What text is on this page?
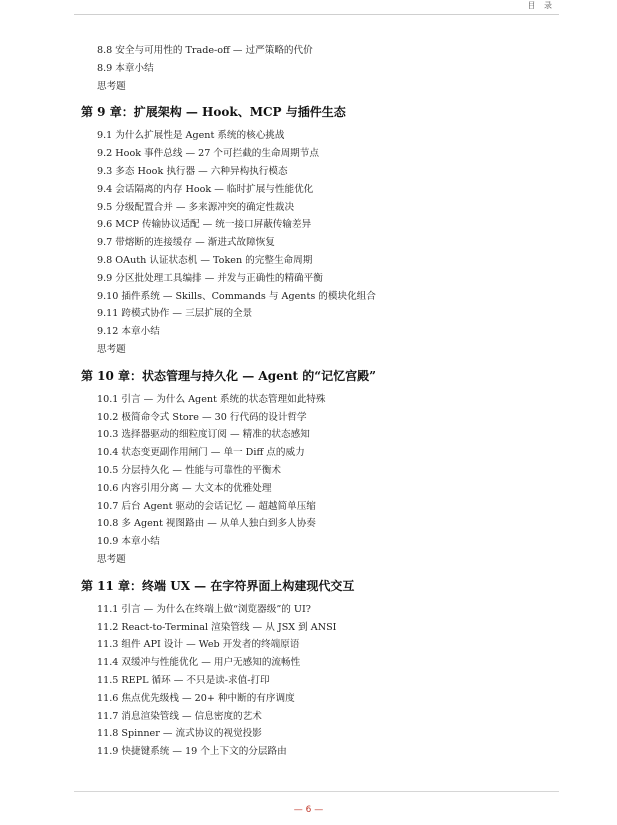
目 录
8.8 安全与可用性的 Trade-off — 过严策略的代价
8.9 本章小结
思考题
第 9 章：扩展架构 — Hook、MCP 与插件生态
9.1 为什么扩展性是 Agent 系统的核心挑战
9.2 Hook 事件总线 — 27 个可拦截的生命周期节点
9.3 多态 Hook 执行器 — 六种异构执行模态
9.4 会话隔离的内存 Hook — 临时扩展与性能优化
9.5 分级配置合并 — 多来源冲突的确定性裁决
9.6 MCP 传输协议适配 — 统一接口屏蔽传输差异
9.7 带熔断的连接缓存 — 渐进式故障恢复
9.8 OAuth 认证状态机 — Token 的完整生命周期
9.9 分区批处理工具编排 — 并发与正确性的精确平衡
9.10 插件系统 — Skills、Commands 与 Agents 的模块化组合
9.11 跨模式协作 — 三层扩展的全景
9.12 本章小结
思考题
第 10 章：状态管理与持久化 — Agent 的“记忆宫殿”
10.1 引言 — 为什么 Agent 系统的状态管理如此特殊
10.2 极简命令式 Store — 30 行代码的设计哲学
10.3 选择器驱动的细粒度订阅 — 精准的状态感知
10.4 状态变更副作用闸门 — 单一 Diff 点的威力
10.5 分层持久化 — 性能与可靠性的平衡术
10.6 内容引用分离 — 大文本的优雅处理
10.7 后台 Agent 驱动的会话记忆 — 超越简单压缩
10.8 多 Agent 视图路由 — 从单人独白到多人协奏
10.9 本章小结
思考题
第 11 章：终端 UX — 在字符界面上构建现代交互
11.1 引言 — 为什么在终端上做“浏览器级”的 UI?
11.2 React-to-Terminal 渲染管线 — 从 JSX 到 ANSI
11.3 组件 API 设计 — Web 开发者的终端原语
11.4 双缓冲与性能优化 — 用户无感知的流畅性
11.5 REPL 循环 — 不只是读-求值-打印
11.6 焦点优先级栈 — 20+ 种中断的有序调度
11.7 消息渲染管线 — 信息密度的艺术
11.8 Spinner — 流式协议的视觉投影
11.9 快捷键系统 — 19 个上下文的分层路由
— 6 —
